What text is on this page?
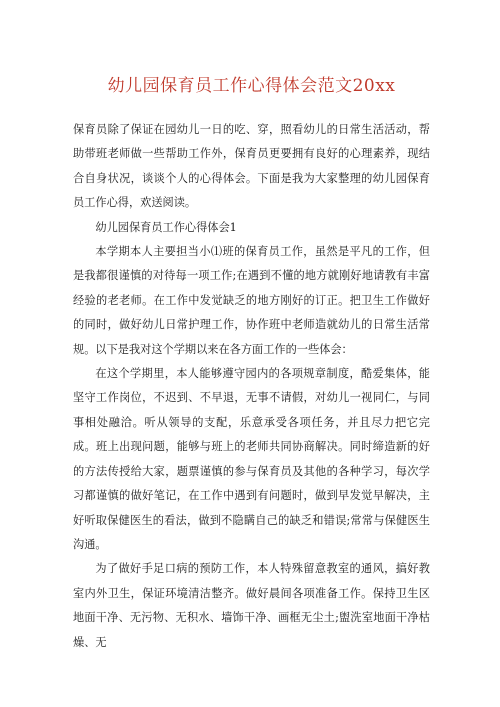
幼儿园保育员工作心得体会范文20xx

保育员除了保证在园幼儿一日的吃、穿，照看幼儿的日常生活活动，帮助带班老师做一些帮助工作外，保育员更要拥有良好的心理素养，现结合自身状况，谈谈个人的心得体会。下面是我为大家整理的幼儿园保育员工作心得，欢送阅读。

幼儿园保育员工作心得体会1

本学期本人主要担当小⑴班的保育员工作，虽然是平凡的工作，但是我都很谨慎的对待每一项工作;在遇到不懂的地方就刚好地请教有丰富经验的老老师。在工作中发觉缺乏的地方刚好的订正。把卫生工作做好的同时，做好幼儿日常护理工作，协作班中老师造就幼儿的日常生活常规。以下是我对这个学期以来在各方面工作的一些体会：

在这个学期里，本人能够遵守园内的各项规章制度，酷爱集体，能坚守工作岗位，不迟到、不早退，无事不请假，对幼儿一视同仁，与同事相处融洽。听从领导的支配，乐意承受各项任务，并且尽力把它完成。班上出现问题，能够与班上的老师共同协商解决。同时缔造新的好的方法传授给大家，题票谨慎的参与保育员及其他的各种学习，每次学习都谨慎的做好笔记，在工作中遇到有问题时，做到早发觉早解决，主好听取保健医生的看法，做到不隐瞒自己的缺乏和错误;常常与保健医生沟通。

为了做好手足口病的预防工作，本人特殊留意教室的通风，搞好教室内外卫生，保证环境清洁整齐。做好晨间各项准备工作。保持卫生区地面干净、无污物、无积水、墙饰干净、画框无尘土;盥洗室地面干净枯燥、无
